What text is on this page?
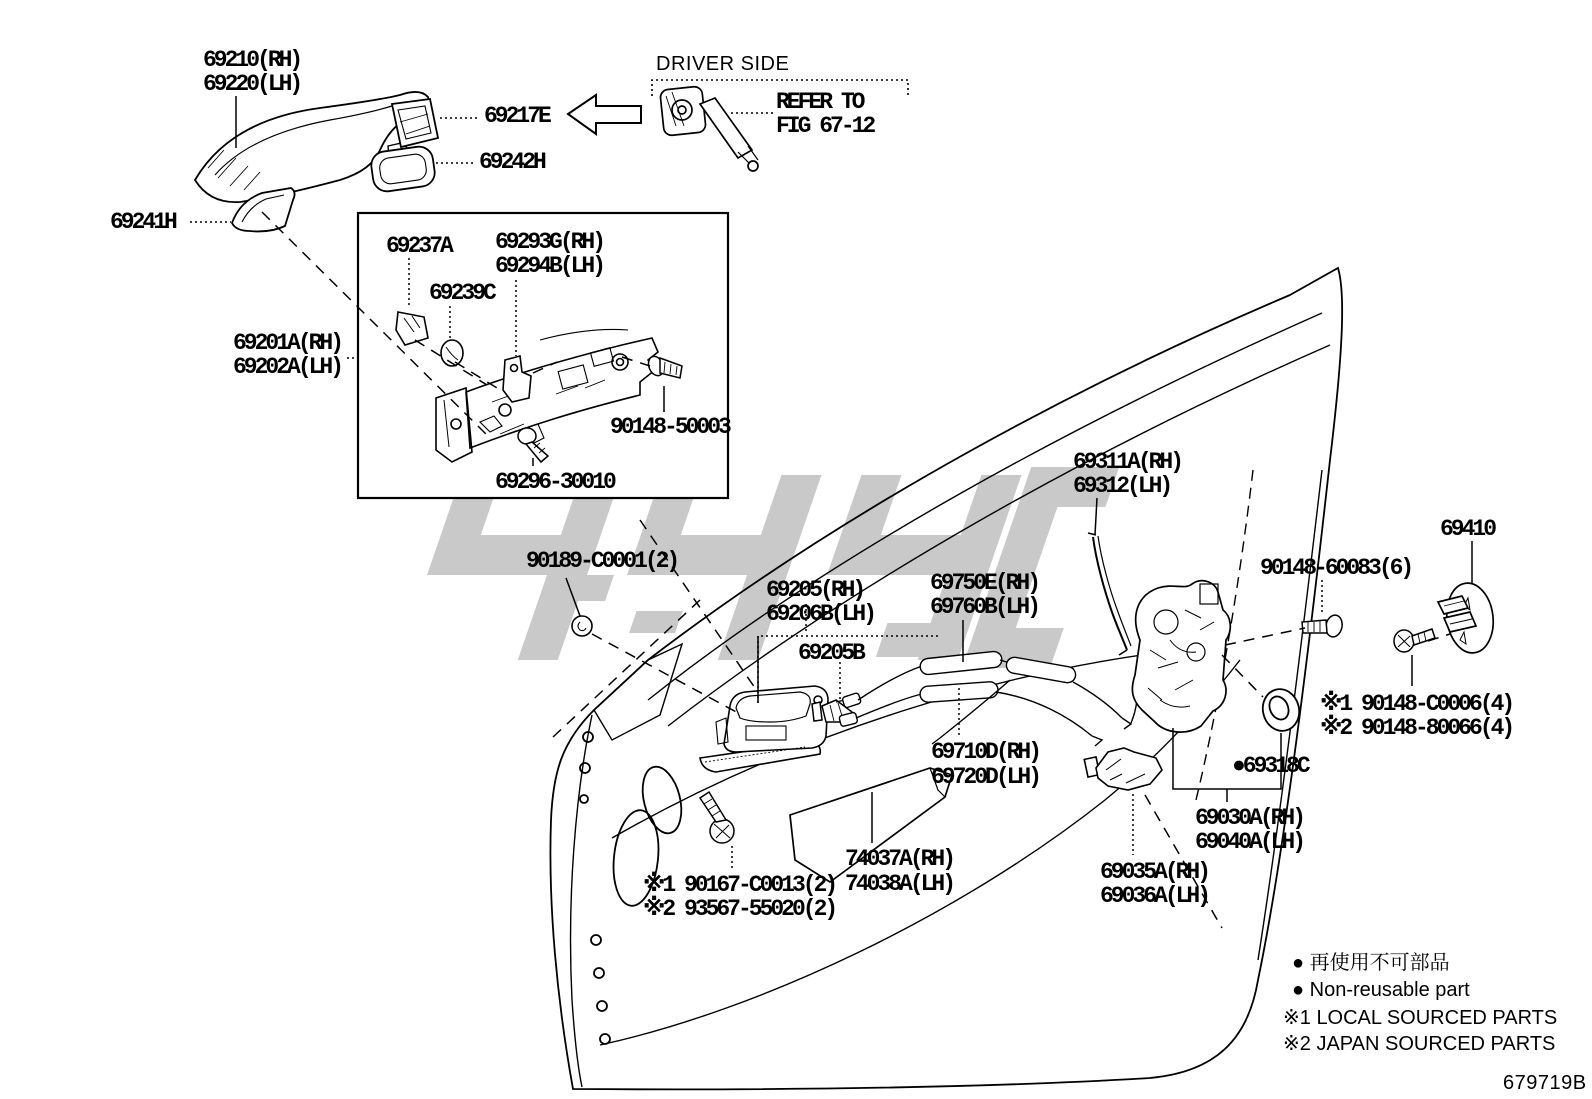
69210(RH)
69220(LH)
69217E
69242H
69241H
DRIVER SIDE
REFER TO
FIG 67-12
69237A 69293G(RH)
69294B(LH)
69239C
69201A(RH)
69202A(LH)
90148-50003
69296-30010
90189-C0001(2)
69205(RH)
69206B(LH)
69205B
69750E(RH)
69760B(LH)
69311A(RH)
69312(LH)
69410
90148-60083(6)
※1 90148-C0006(4)
※2 90148-80066(4)
●69318C
69030A(RH)
69040A(LH)
69035A(RH)
69036A(LH)
69710D(RH)
69720D(LH)
74037A(RH)
74038A(LH)
※1 90167-C0013(2)
※2 93567-55020(2)
● 再使用不可部品
● Non-reusable part
※1 LOCAL SOURCED PARTS
※2 JAPAN SOURCED PARTS
679719B
